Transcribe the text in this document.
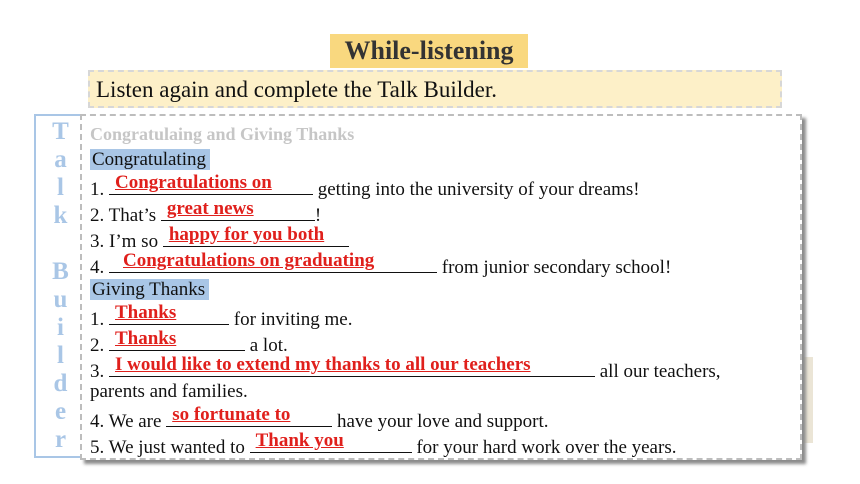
While-listening
Listen again and complete the Talk Builder.
Talk Builder Congratulaing and Giving Thanks
Congratulating
1. Congratulations on getting into the university of your dreams!
2. That’s great news	!
3. I’m so happy for you both
4. Congratulations on graduating	from junior secondary school!
Giving Thanks
1. Thanks	for inviting me.
2. Thanks	a lot.
3. I would like to extend my thanks to all our teachers	all our teachers,
parents and families.
4. We are so fortunate to have your love and support.
5. We just wanted to Thank you	for your hard work over the years.
